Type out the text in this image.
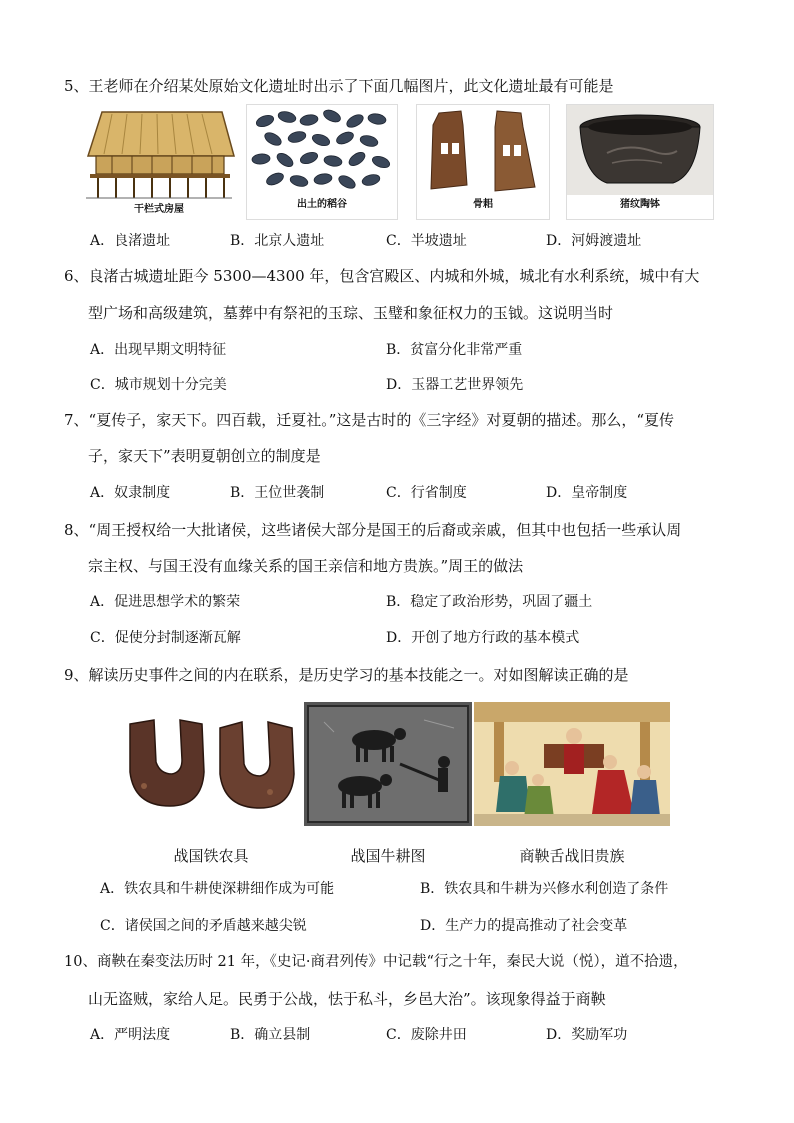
5、王老师在介绍某处原始文化遗址时出示了下面几幅图片，此文化遗址最有可能是
干栏式房屋	出土的稻谷	骨耜	猪纹陶钵
A．良渚遗址	B．北京人遗址	C．半坡遗址	D．河姆渡遗址
6、良渚古城遗址距今 5300—4300 年，包含宫殿区、内城和外城，城北有水利系统，城中有大
型广场和高级建筑，墓葬中有祭祀的玉琮、玉璧和象征权力的玉钺。这说明当时
A．出现早期文明特征	B．贫富分化非常严重
C．城市规划十分完美	D．玉器工艺世界领先
7、“夏传子，家天下。四百载，迁夏社。”这是古时的《三字经》对夏朝的描述。那么，“夏传
子，家天下”表明夏朝创立的制度是
A．奴隶制度	B．王位世袭制	C．行省制度	D．皇帝制度
8、“周王授权给一大批诸侯，这些诸侯大部分是国王的后裔或亲戚，但其中也包括一些承认周
宗主权、与国王没有血缘关系的国王亲信和地方贵族。”周王的做法
A．促进思想学术的繁荣	B．稳定了政治形势，巩固了疆土
C．促使分封制逐渐瓦解	D．开创了地方行政的基本模式
9、解读历史事件之间的内在联系，是历史学习的基本技能之一。对如图解读正确的是
战国铁农具	战国牛耕图	商鞅舌战旧贵族
A．铁农具和牛耕使深耕细作成为可能	B．铁农具和牛耕为兴修水利创造了条件
C．诸侯国之间的矛盾越来越尖锐	D．生产力的提高推动了社会变革
10、商鞅在秦变法历时 21 年，《史记·商君列传》中记载“行之十年，秦民大说（悦），道不拾遗，
山无盗贼，家给人足。民勇于公战，怯于私斗，乡邑大治”。该现象得益于商鞅
A．严明法度	B．确立县制	C．废除井田	D．奖励军功
